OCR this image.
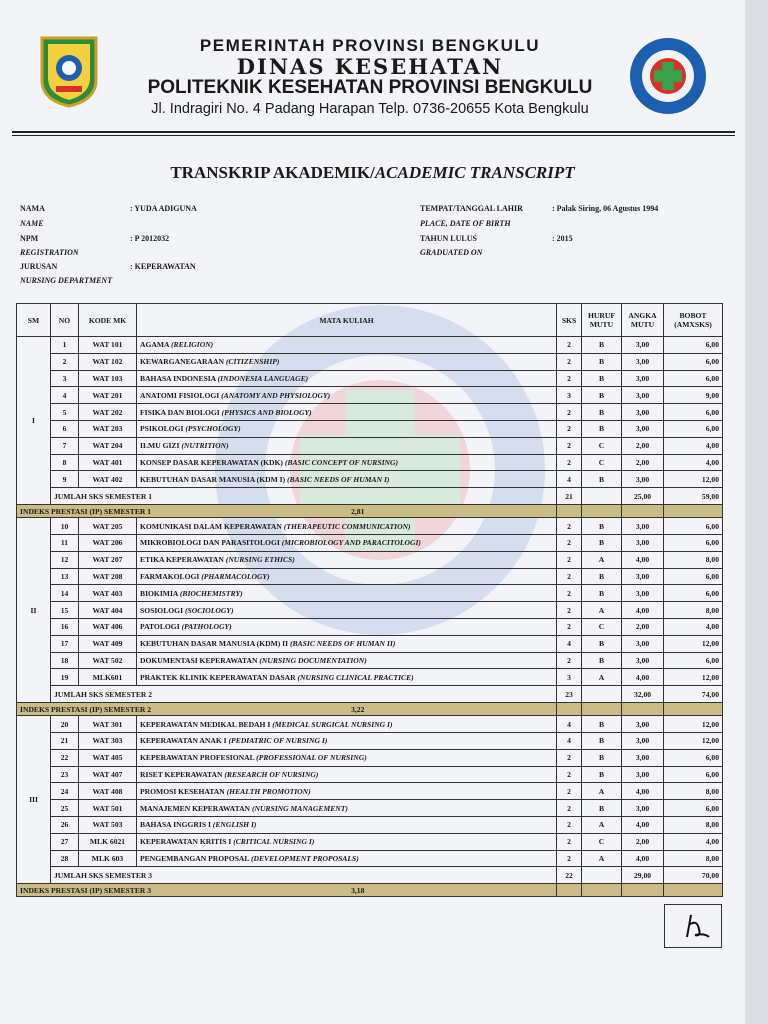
PEMERINTAH PROVINSI BENGKULU
DINAS KESEHATAN
POLITEKNIK KESEHATAN PROVINSI BENGKULU
Jl. Indragiri No. 4 Padang Harapan Telp. 0736-20655 Kota Bengkulu
TRANSKRIP AKADEMIK/ACADEMIC TRANSCRIPT
NAMA
NAME
: YUDA ADIGUNA
NPM
REGISTRATION
: P 2012032
JURUSAN
NURSING DEPARTMENT
: KEPERAWATAN
TEMPAT/TANGGAL LAHIR
PLACE, DATE OF BIRTH
: Palak Siring, 06 Agustus 1994
TAHUN LULUS
GRADUATED ON
: 2015
SM	NO	KODE MK	MATA KULIAH	SKS	HURUF MUTU	ANGKA MUTU	BOBOT (AMXSKS)
I	1	WAT 101	AGAMA (RELIGION)	2	B	3,00	6,00
	2	WAT 102	KEWARGANEGARAAN (CITIZENSHIP)	2	B	3,00	6,00
	3	WAT 103	BAHASA INDONESIA (INDONESIA LANGUAGE)	2	B	3,00	6,00
	4	WAT 201	ANATOMI FISIOLOGI (ANATOMY AND PHYSIOLOGY)	3	B	3,00	9,00
	5	WAT 202	FISIKA DAN BIOLOGI (PHYSICS AND BIOLOGY)	2	B	3,00	6,00
	6	WAT 203	PSIKOLOGI (PSYCHOLOGY)	2	B	3,00	6,00
	7	WAT 204	ILMU GIZI (NUTRITION)	2	C	2,00	4,00
	8	WAT 401	KONSEP DASAR KEPERAWATAN (KDK) (BASIC CONCEPT OF NURSING)	2	C	2,00	4,00
	9	WAT 402	KEBUTUHAN DASAR MANUSIA (KDM I) (BASIC NEEDS OF HUMAN I)	4	B	3,00	12,00
	JUMLAH SKS SEMESTER 1			21		25,00	59,00
INDEKS PRESTASI (IP) SEMESTER 1 2,81							
II	10	WAT 205	KOMUNIKASI DALAM KEPERAWATAN (THERAPEUTIC COMMUNICATION)	2	B	3,00	6,00
	11	WAT 206	MIKROBIOLOGI DAN PARASITOLOGI (MICROBIOLOGY AND PARACITOLOGI)	2	B	3,00	6,00
	12	WAT 207	ETIKA KEPERAWATAN (NURSING ETHICS)	2	A	4,00	8,00
	13	WAT 208	FARMAKOLOGI (PHARMACOLOGY)	2	B	3,00	6,00
	14	WAT 403	BIOKIMIA (BIOCHEMISTRY)	2	B	3,00	6,00
	15	WAT 404	SOSIOLOGI (SOCIOLOGY)	2	A	4,00	8,00
	16	WAT 406	PATOLOGI (PATHOLOGY)	2	C	2,00	4,00
	17	WAT 409	KEBUTUHAN DASAR MANUSIA (KDM) II (BASIC NEEDS OF HUMAN II)	4	B	3,00	12,00
	18	WAT 502	DOKUMENTASI KEPERAWATAN (NURSING DOCUMENTATION)	2	B	3,00	6,00
	19	MLK601	PRAKTEK KLINIK KEPERAWATAN DASAR (NURSING CLINICAL PRACTICE)	3	A	4,00	12,00
	JUMLAH SKS SEMESTER 2			23		32,00	74,00
INDEKS PRESTASI (IP) SEMESTER 2 3,22							
III	20	WAT 301	KEPERAWATAN MEDIKAL BEDAH I (MEDICAL SURGICAL NURSING I)	4	B	3,00	12,00
	21	WAT 303	KEPERAWATAN ANAK I (PEDIATRIC OF NURSING I)	4	B	3,00	12,00
	22	WAT 405	KEPERAWATAN PROFESIONAL (PROFESSIONAL OF NURSING)	2	B	3,00	6,00
	23	WAT 407	RISET KEPERAWATAN (RESEARCH OF NURSING)	2	B	3,00	6,00
	24	WAT 408	PROMOSI KESEHATAN (HEALTH PROMOTION)	2	A	4,00	8,00
	25	WAT 501	MANAJEMEN KEPERAWATAN (NURSING MANAGEMENT)	2	B	3,00	6,00
	26	WAT 503	BAHASA INGGRIS I (ENGLISH I)	2	A	4,00	8,00
	27	MLK 6021	KEPERAWATAN KRITIS I (CRITICAL NURSING I)	2	C	2,00	4,00
	28	MLK 603	PENGEMBANGAN PROPOSAL (DEVELOPMENT PROPOSALS)	2	A	4,00	8,00
	JUMLAH SKS SEMESTER 3			22		29,00	70,00
INDEKS PRESTASI (IP) SEMESTER 3 3,18							
